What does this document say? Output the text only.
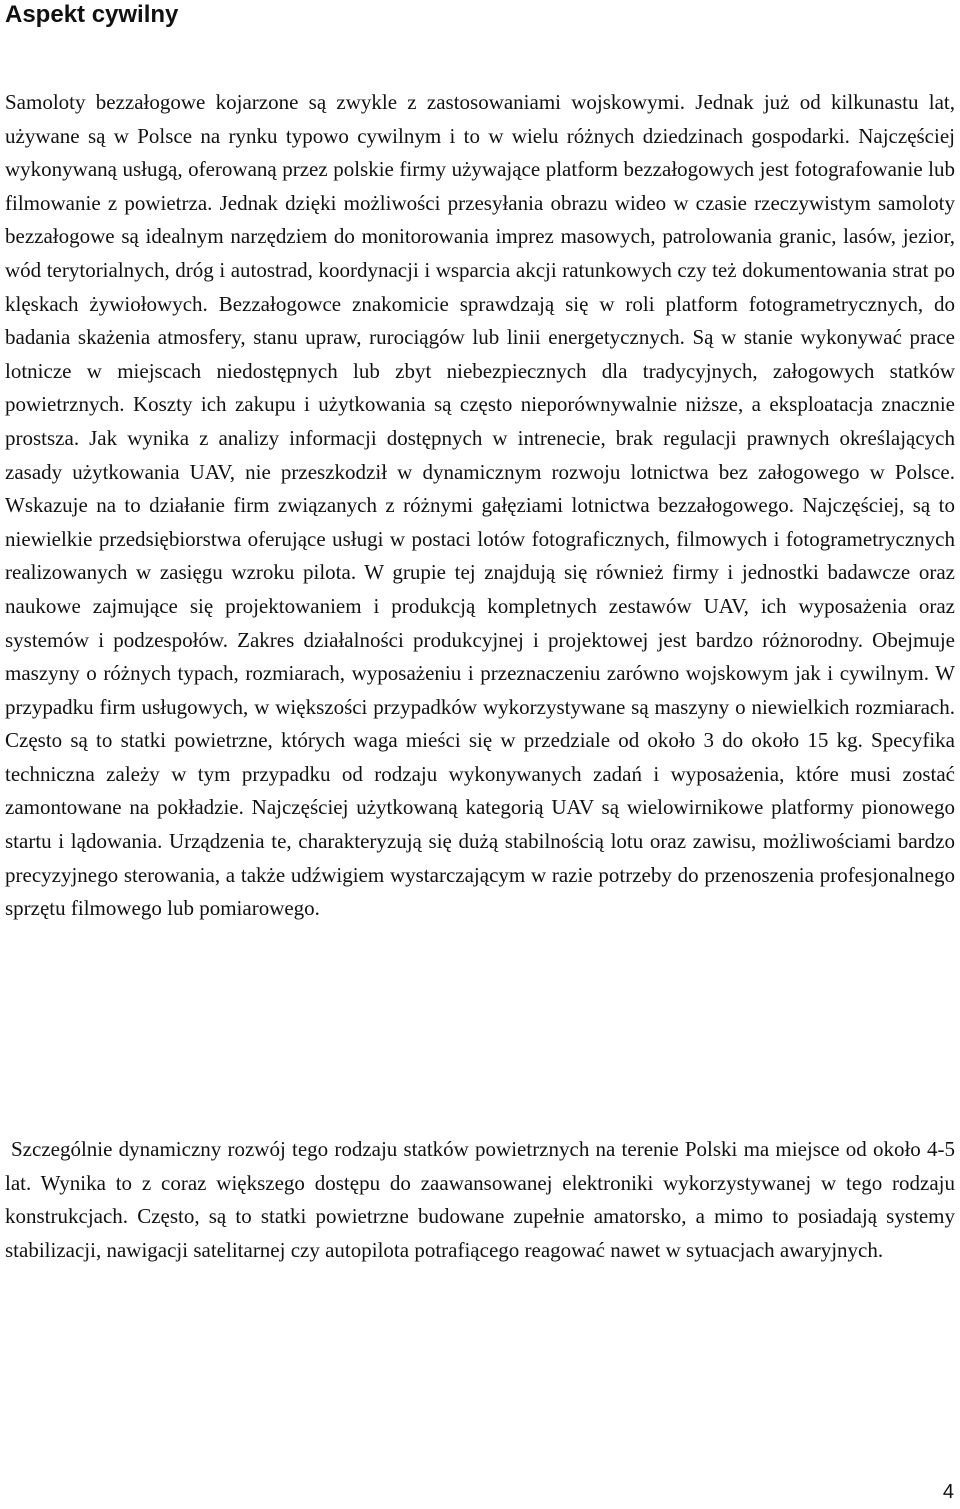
Aspekt cywilny

Samoloty bezzałogowe kojarzone są zwykle z zastosowaniami wojskowymi. Jednak już od kilkunastu lat, używane są w Polsce na rynku typowo cywilnym i to w wielu różnych dziedzinach gospodarki. Najczęściej wykonywaną usługą, oferowaną przez polskie firmy używające platform bezzałogowych jest fotografowanie lub filmowanie z powietrza. Jednak dzięki możliwości przesyłania obrazu wideo w czasie rzeczywistym samoloty bezzałogowe są idealnym narzędziem do monitorowania imprez masowych, patrolowania granic, lasów, jezior, wód terytorialnych, dróg i autostrad, koordynacji i wsparcia akcji ratunkowych czy też dokumentowania strat po klęskach żywiołowych. Bezzałogowce znakomicie sprawdzają się w roli platform fotogrametrycznych, do badania skażenia atmosfery, stanu upraw, rurociągów lub linii energetycznych. Są w stanie wykonywać prace lotnicze w miejscach niedostępnych lub zbyt niebezpiecznych dla tradycyjnych, załogowych statków powietrznych. Koszty ich zakupu i użytkowania są często nieporównywalnie niższe, a eksploatacja znacznie prostsza. Jak wynika z analizy informacji dostępnych w intrenecie, brak regulacji prawnych określających zasady użytkowania UAV, nie przeszkodził w dynamicznym rozwoju lotnictwa bez załogowego w Polsce. Wskazuje na to działanie firm związanych z różnymi gałęziami lotnictwa bezzałogowego. Najczęściej, są to niewielkie przedsiębiorstwa oferujące usługi w postaci lotów fotograficznych, filmowych i fotogrametrycznych realizowanych w zasięgu wzroku pilota. W grupie tej znajdują się również firmy i jednostki badawcze oraz naukowe zajmujące się projektowaniem i produkcją kompletnych zestawów UAV, ich wyposażenia oraz systemów i podzespołów. Zakres działalności produkcyjnej i projektowej jest bardzo różnorodny. Obejmuje maszyny o różnych typach, rozmiarach, wyposażeniu i przeznaczeniu zarówno wojskowym jak i cywilnym. W przypadku firm usługowych, w większości przypadków wykorzystywane są maszyny o niewielkich rozmiarach. Często są to statki powietrzne, których waga mieści się w przedziale od około 3 do około 15 kg. Specyfika techniczna zależy w tym przypadku od rodzaju wykonywanych zadań i wyposażenia, które musi zostać zamontowane na pokładzie. Najczęściej użytkowaną kategorią UAV są wielowirnikowe platformy pionowego startu i lądowania. Urządzenia te, charakteryzują się dużą stabilnością lotu oraz zawisu, możliwościami bardzo precyzyjnego sterowania, a także udźwigiem wystarczającym w razie potrzeby do przenoszenia profesjonalnego sprzętu filmowego lub pomiarowego.

Szczególnie dynamiczny rozwój tego rodzaju statków powietrznych na terenie Polski ma miejsce od około 4-5 lat. Wynika to z coraz większego dostępu do zaawansowanej elektroniki wykorzystywanej w tego rodzaju konstrukcjach. Często, są to statki powietrzne budowane zupełnie amatorsko, a mimo to posiadają systemy stabilizacji, nawigacji satelitarnej czy autopilota potrafiącego reagować nawet w sytuacjach awaryjnych.

4
